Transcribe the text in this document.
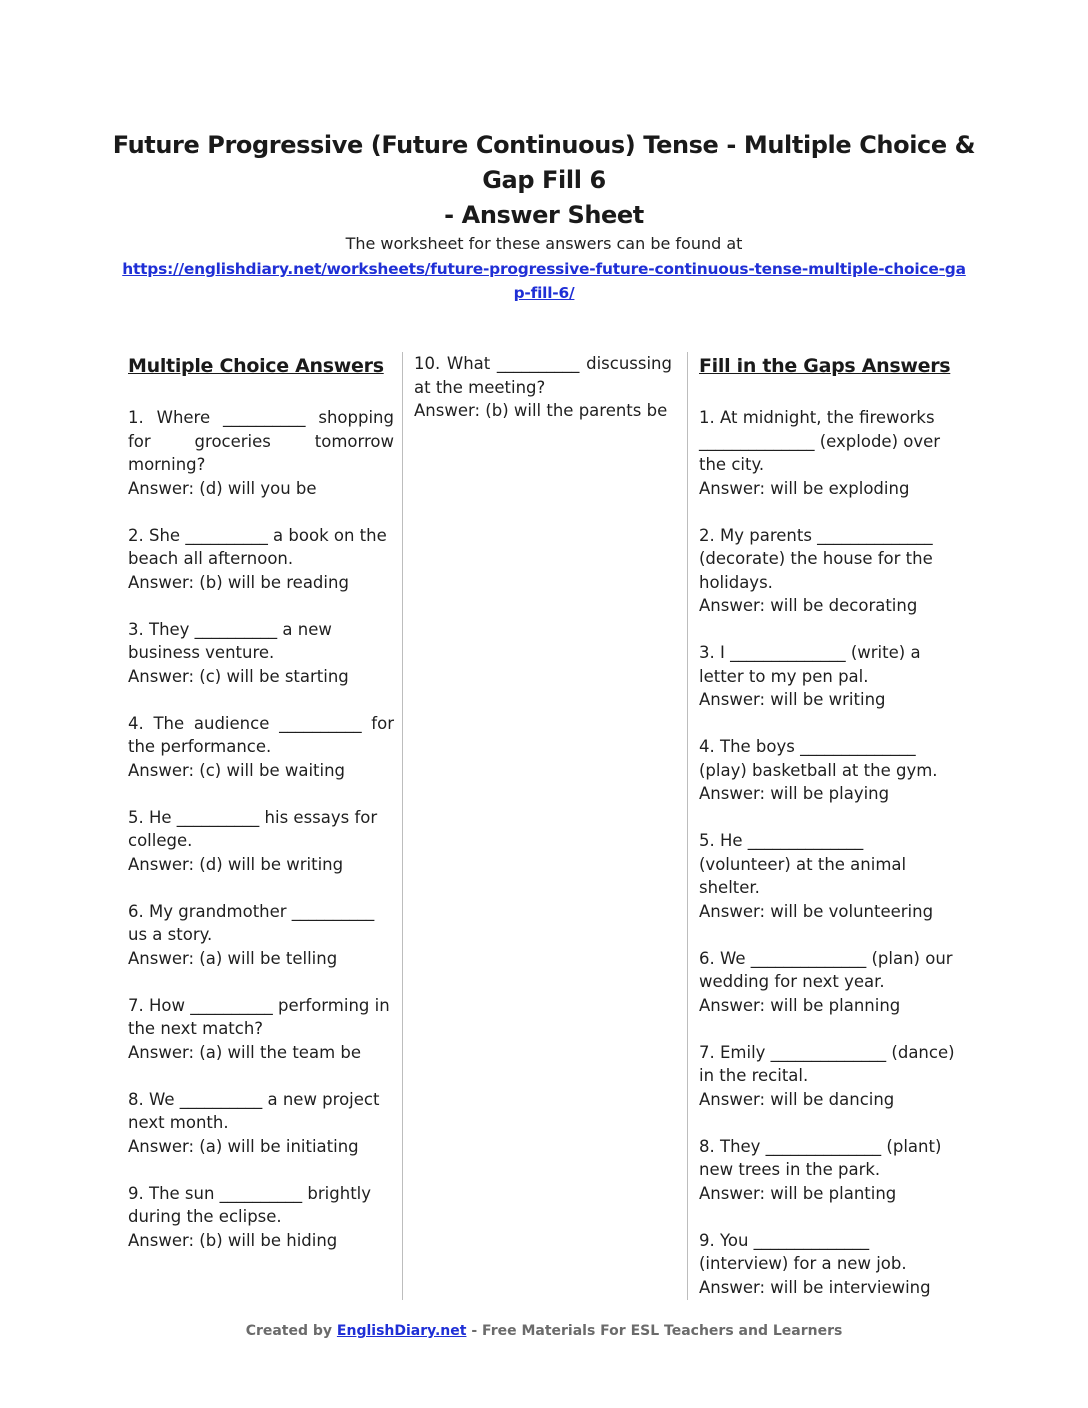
Future Progressive (Future Continuous) Tense - Multiple Choice &
Gap Fill 6
- Answer Sheet
The worksheet for these answers can be found at
https://englishdiary.net/worksheets/future-progressive-future-continuous-tense-multiple-choice-gap-fill-6/
Multiple Choice Answers
1. Where __________ shopping for groceries tomorrow morning?
Answer: (d) will you be
2. She __________ a book on the beach all afternoon.
Answer: (b) will be reading
3. They __________ a new business venture.
Answer: (c) will be starting
4. The audience __________ for the performance.
Answer: (c) will be waiting
5. He __________ his essays for college.
Answer: (d) will be writing
6. My grandmother __________ us a story.
Answer: (a) will be telling
7. How __________ performing in the next match?
Answer: (a) will the team be
8. We __________ a new project next month.
Answer: (a) will be initiating
9. The sun __________ brightly during the eclipse.
Answer: (b) will be hiding
10. What __________ discussing at the meeting?
Answer: (b) will the parents be
Fill in the Gaps Answers
1. At midnight, the fireworks ______________ (explode) over the city.
Answer: will be exploding
2. My parents ______________ (decorate) the house for the holidays.
Answer: will be decorating
3. I ______________ (write) a letter to my pen pal.
Answer: will be writing
4. The boys ______________ (play) basketball at the gym.
Answer: will be playing
5. He ______________ (volunteer) at the animal shelter.
Answer: will be volunteering
6. We ______________ (plan) our wedding for next year.
Answer: will be planning
7. Emily ______________ (dance) in the recital.
Answer: will be dancing
8. They ______________ (plant) new trees in the park.
Answer: will be planting
9. You ______________ (interview) for a new job.
Answer: will be interviewing
Created by EnglishDiary.net - Free Materials For ESL Teachers and Learners
